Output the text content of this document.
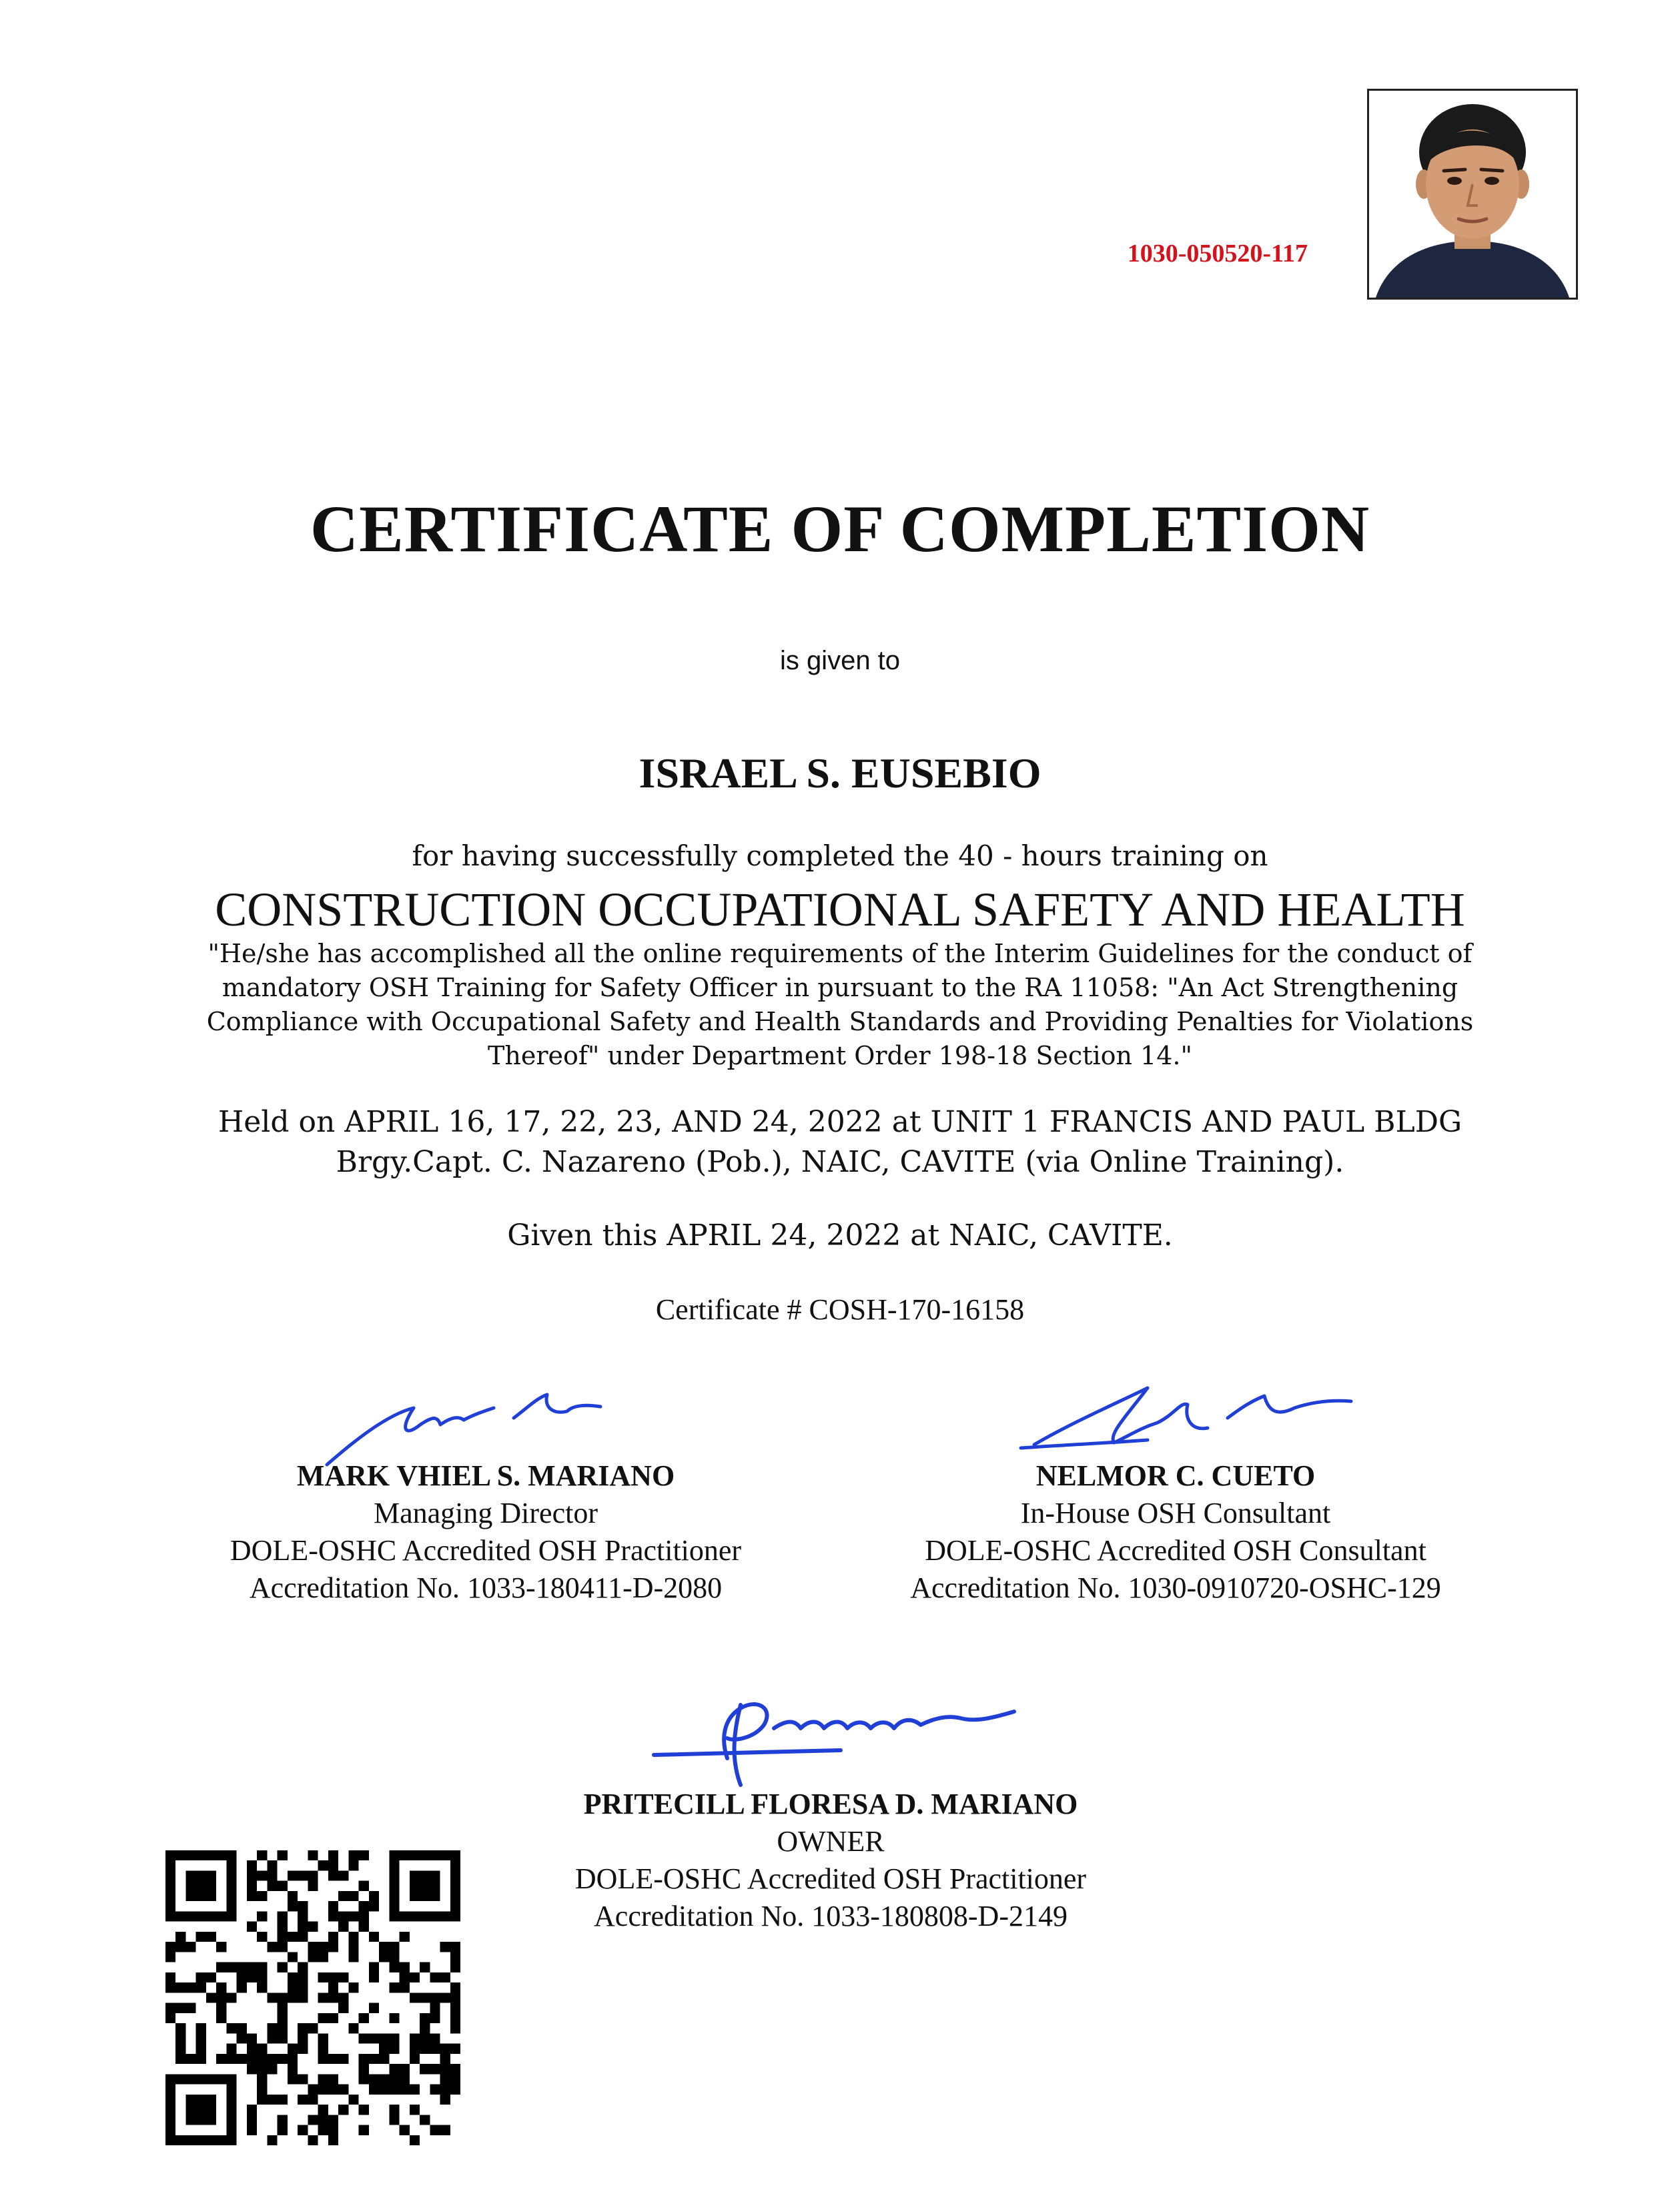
1030-050520-117
CERTIFICATE OF COMPLETION
is given to
ISRAEL S. EUSEBIO
for having successfully completed the 40 - hours training on
CONSTRUCTION OCCUPATIONAL SAFETY AND HEALTH
"He/she has accomplished all the online requirements of the Interim Guidelines for the conduct of
mandatory OSH Training for Safety Officer in pursuant to the RA 11058: "An Act Strengthening
Compliance with Occupational Safety and Health Standards and Providing Penalties for Violations
Thereof" under Department Order 198-18 Section 14."
Held on APRIL 16, 17, 22, 23, AND 24, 2022 at UNIT 1 FRANCIS AND PAUL BLDG
Brgy.Capt. C. Nazareno (Pob.), NAIC, CAVITE (via Online Training).
Given this APRIL 24, 2022 at NAIC, CAVITE.
Certificate # COSH-170-16158
MARK VHIEL S. MARIANO
Managing Director
DOLE-OSHC Accredited OSH Practitioner
Accreditation No. 1033-180411-D-2080
NELMOR C. CUETO
In-House OSH Consultant
DOLE-OSHC Accredited OSH Consultant
Accreditation No. 1030-0910720-OSHC-129
PRITECILL FLORESA D. MARIANO
OWNER
DOLE-OSHC Accredited OSH Practitioner
Accreditation No. 1033-180808-D-2149
